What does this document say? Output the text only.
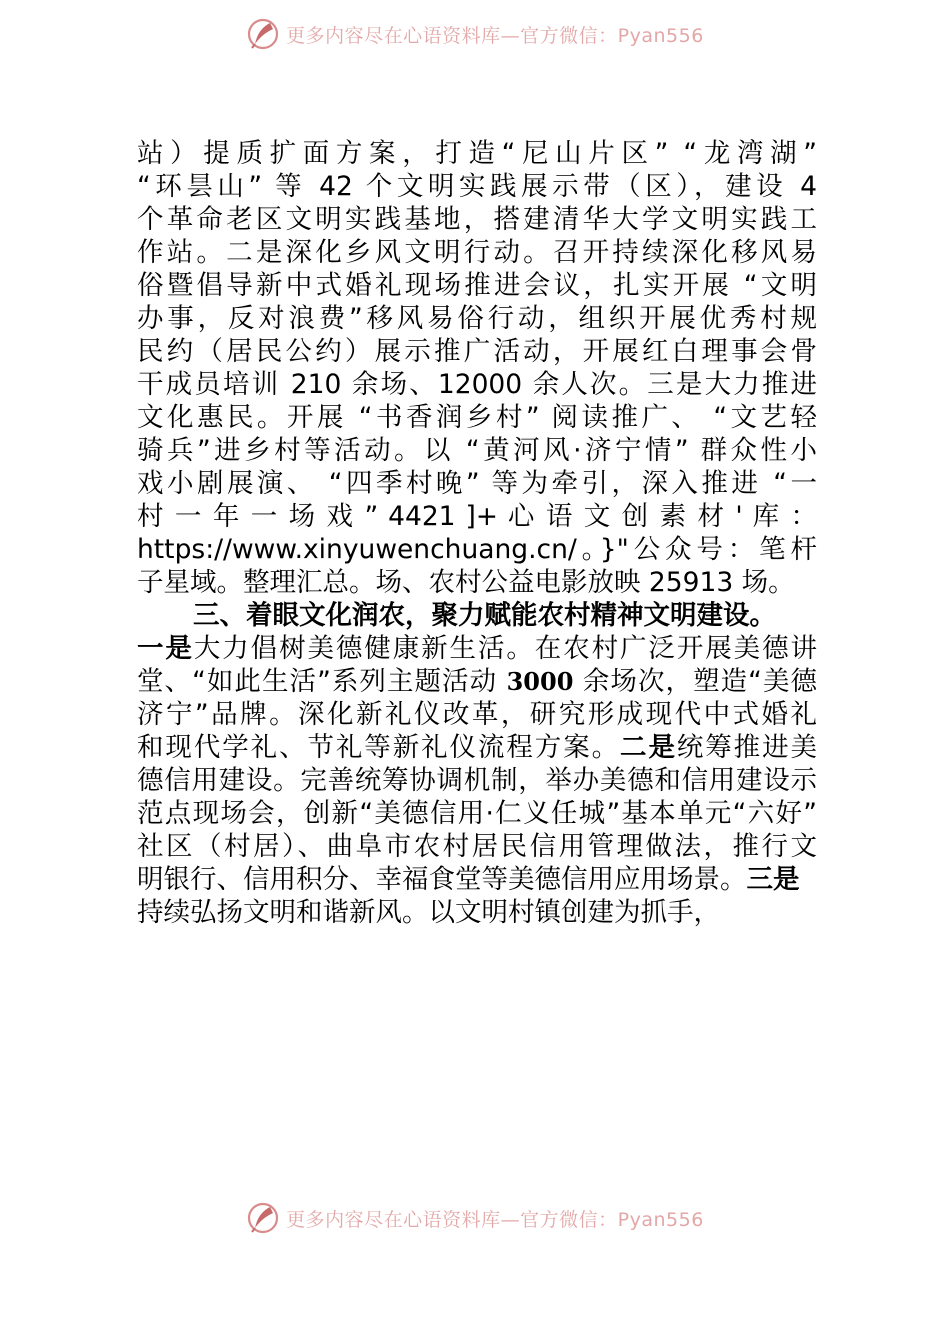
更多内容尽在心语资料库—官方微信：Pyan556
站）提质扩面方案，打造“尼山片区” “龙湾湖”
“环昙山” 等 42 个文明实践展示带（区），建设 4
个革命老区文明实践基地，搭建清华大学文明实践工
作站。二是深化乡风文明行动。召开持续深化移风易
俗暨倡导新中式婚礼现场推进会议，扎实开展 “文明
办事，反对浪费”移风易俗行动，组织开展优秀村规
民约（居民公约）展示推广活动，开展红白理事会骨
干成员培训 210 余场、12000 余人次。三是大力推进
文化惠民。开展 “书香润乡村” 阅读推广、 “文艺轻
骑兵”进乡村等活动。以 “黄河风·济宁情” 群众性小
戏小剧展演、 “四季村晚” 等为牵引，深入推进 “一
村 一 年 一 场 戏 ” 4421 ]+ 心 语 文 创 素 材 ' 库 ：
https://www.xinyuwenchuang.cn/。}"公众号：笔杆
子星域。整理汇总。场、农村公益电影放映 25913 场。
三、着眼文化润农，聚力赋能农村精神文明建设。
一是大力倡树美德健康新生活。在农村广泛开展美德讲
堂、“如此生活”系列主题活动 3000 余场次，塑造“美德
济宁”品牌。深化新礼仪改革，研究形成现代中式婚礼
和现代学礼、节礼等新礼仪流程方案。二是统筹推进美
德信用建设。完善统筹协调机制，举办美德和信用建设示
范点现场会，创新“美德信用·仁义任城”基本单元“六好”
社区（村居）、曲阜市农村居民信用管理做法，推行文
明银行、信用积分、幸福食堂等美德信用应用场景。三是
持续弘扬文明和谐新风。以文明村镇创建为抓手，
更多内容尽在心语资料库—官方微信：Pyan556
